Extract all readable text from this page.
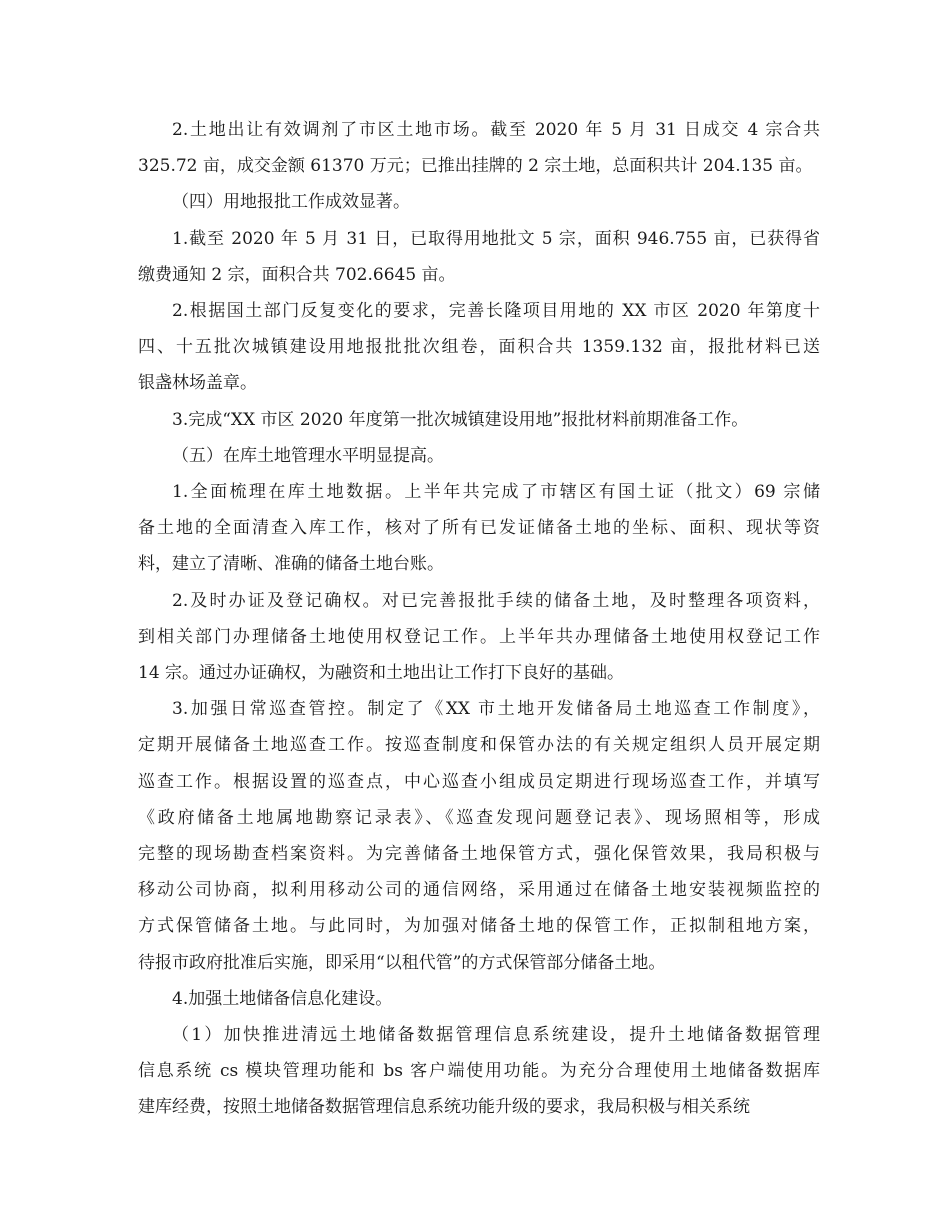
2.土地出让有效调剂了市区土地市场。截至 2020 年 5 月 31 日成交 4 宗合共
325.72 亩，成交金额 61370 万元；已推出挂牌的 2 宗土地，总面积共计 204.135 亩。
（四）用地报批工作成效显著。
1.截至 2020 年 5 月 31 日，已取得用地批文 5 宗，面积 946.755 亩，已获得省
缴费通知 2 宗，面积合共 702.6645 亩。
2.根据国土部门反复变化的要求，完善长隆项目用地的 XX 市区 2020 年第度十
四、十五批次城镇建设用地报批批次组卷，面积合共 1359.132 亩，报批材料已送
银盏林场盖章。
3.完成“XX 市区 2020 年度第一批次城镇建设用地”报批材料前期准备工作。
（五）在库土地管理水平明显提高。
1.全面梳理在库土地数据。上半年共完成了市辖区有国土证（批文）69 宗储
备土地的全面清查入库工作，核对了所有已发证储备土地的坐标、面积、现状等资
料，建立了清晰、准确的储备土地台账。
2.及时办证及登记确权。对已完善报批手续的储备土地，及时整理各项资料，
到相关部门办理储备土地使用权登记工作。上半年共办理储备土地使用权登记工作
14 宗。通过办证确权，为融资和土地出让工作打下良好的基础。
3.加强日常巡查管控。制定了《XX 市土地开发储备局土地巡查工作制度》，
定期开展储备土地巡查工作。按巡查制度和保管办法的有关规定组织人员开展定期
巡查工作。根据设置的巡查点，中心巡查小组成员定期进行现场巡查工作，并填写
《政府储备土地属地勘察记录表》、《巡查发现问题登记表》、现场照相等，形成
完整的现场勘查档案资料。为完善储备土地保管方式，强化保管效果，我局积极与
移动公司协商，拟利用移动公司的通信网络，采用通过在储备土地安装视频监控的
方式保管储备土地。与此同时，为加强对储备土地的保管工作，正拟制租地方案，
待报市政府批准后实施，即采用“以租代管”的方式保管部分储备土地。
4.加强土地储备信息化建设。
（1）加快推进清远土地储备数据管理信息系统建设，提升土地储备数据管理
信息系统 cs 模块管理功能和 bs 客户端使用功能。为充分合理使用土地储备数据库
建库经费，按照土地储备数据管理信息系统功能升级的要求，我局积极与相关系统
